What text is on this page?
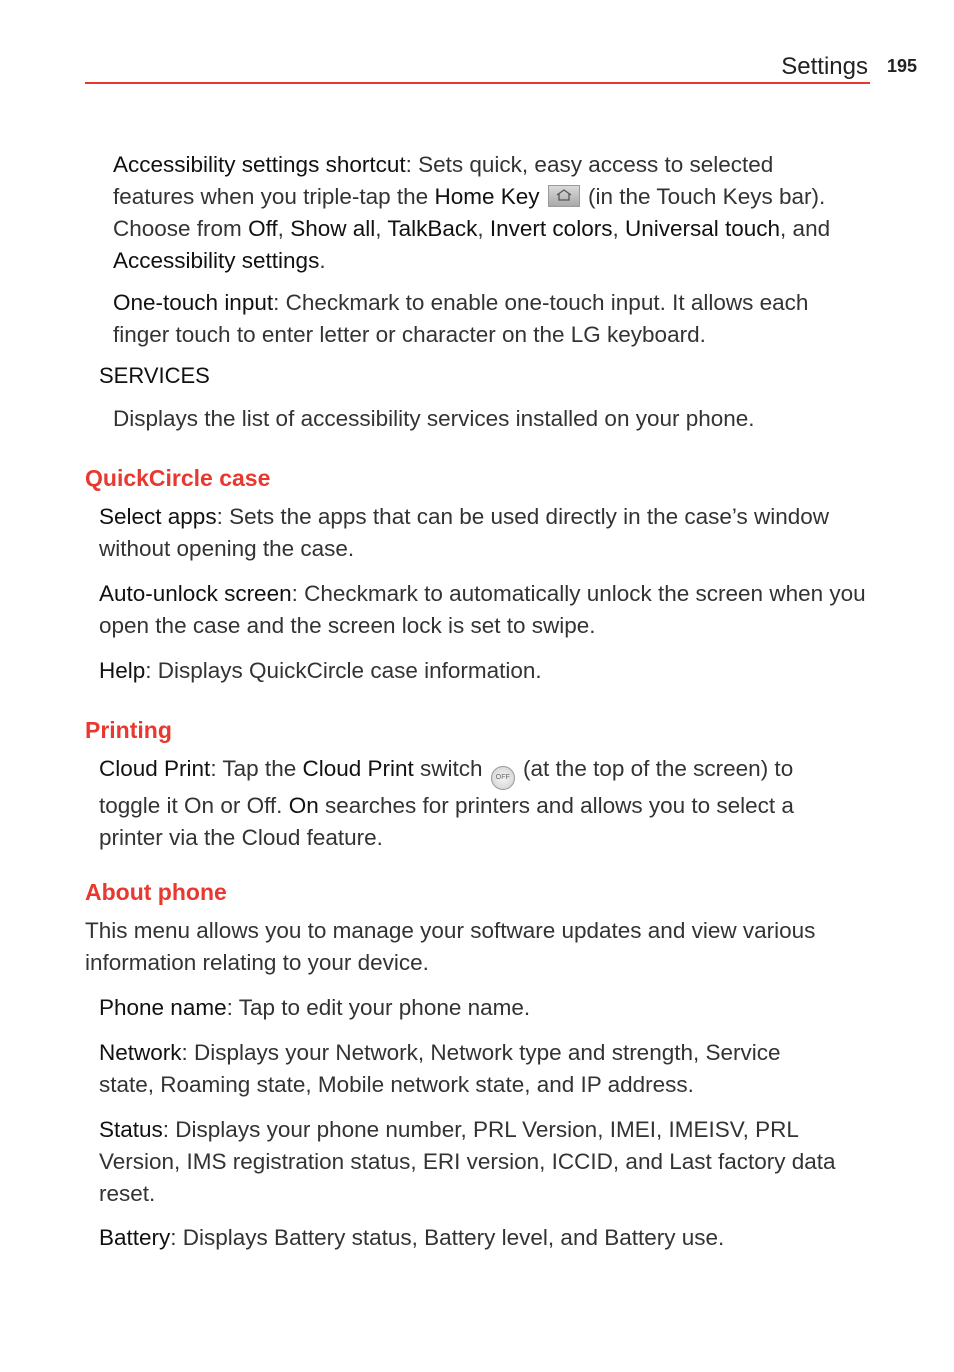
Settings 195

Accessibility settings shortcut: Sets quick, easy access to selected features when you triple-tap the Home Key
(in the Touch Keys bar). Choose from Off, Show all, TalkBack, Invert colors, Universal touch, and Accessibility settings.

One-touch input: Checkmark to enable one-touch input. It allows each finger touch to enter letter or character on the LG keyboard.

SERVICES

Displays the list of accessibility services installed on your phone.

QuickCircle case

Select apps: Sets the apps that can be used directly in the case’s window without opening the case.

Auto-unlock screen: Checkmark to automatically unlock the screen when you open the case and the screen lock is set to swipe.

Help: Displays QuickCircle case information.

Printing

Cloud Print: Tap the Cloud Print switch OFF (at the top of the screen) to toggle it On or Off. On searches for printers and allows you to select a printer via the Cloud feature.

About phone

This menu allows you to manage your software updates and view various information relating to your device.

Phone name: Tap to edit your phone name.

Network: Displays your Network, Network type and strength, Service state, Roaming state, Mobile network state, and IP address.

Status: Displays your phone number, PRL Version, IMEI, IMEISV, PRL Version, IMS registration status, ERI version, ICCID, and Last factory data reset.

Battery: Displays Battery status, Battery level, and Battery use.
